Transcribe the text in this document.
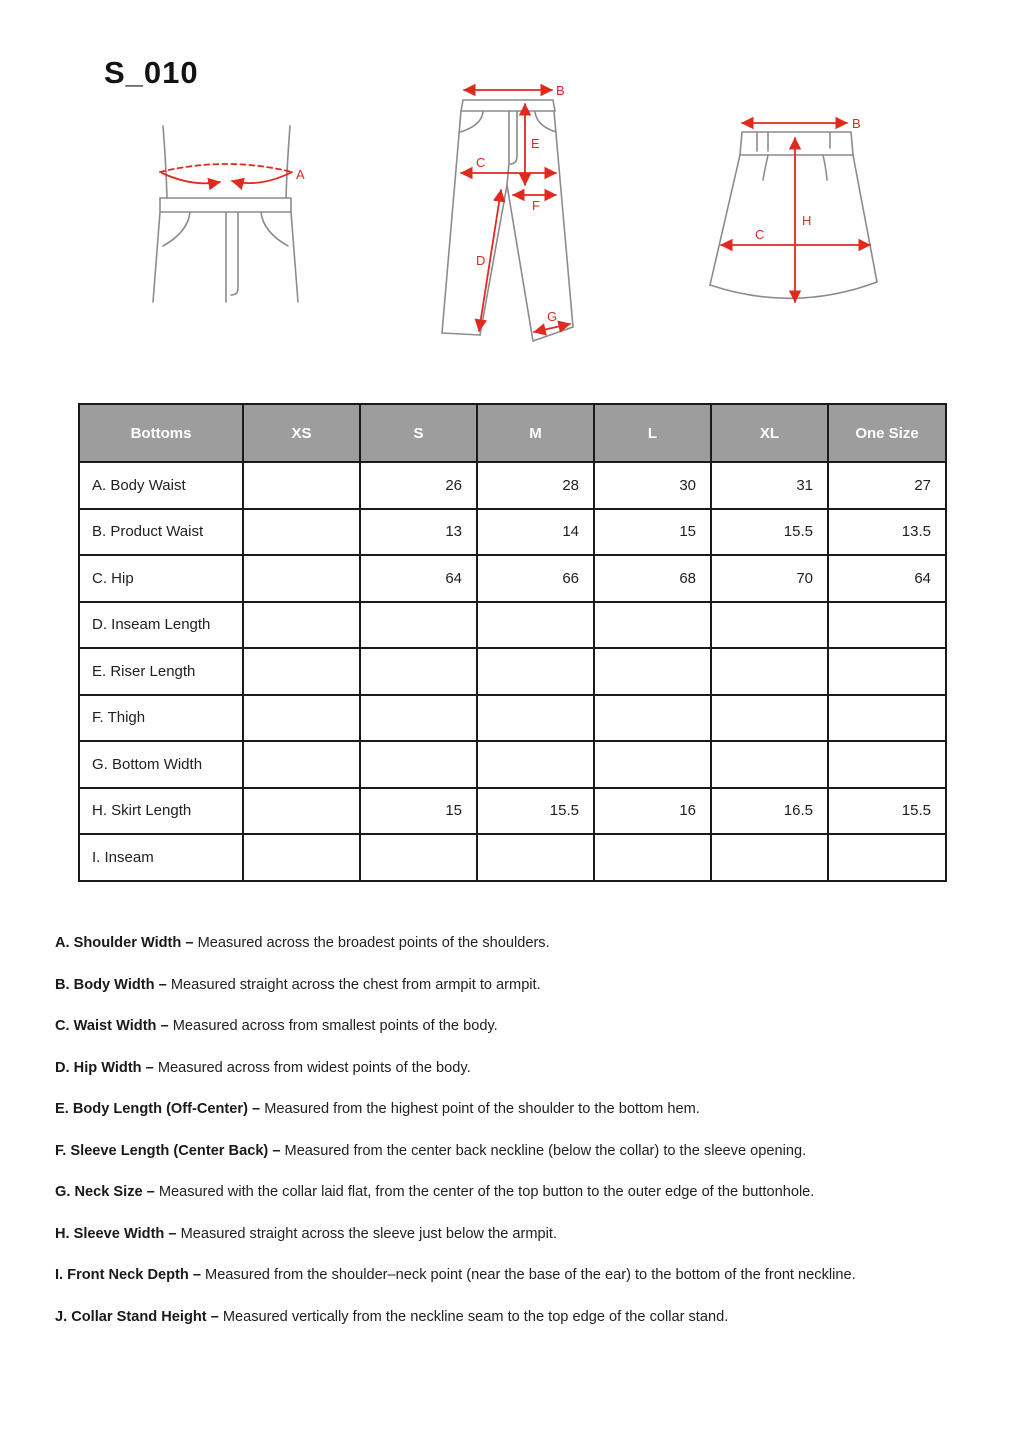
S_010
A
B
E
C
F
D
G
B
H
C
Bottoms	XS	S	M	L	XL	One Size
A. Body Waist		26	28	30	31	27
B. Product Waist		13	14	15	15.5	13.5
C. Hip		64	66	68	70	64
D. Inseam Length						
E. Riser Length						
F. Thigh						
G. Bottom Width						
H. Skirt Length		15	15.5	16	16.5	15.5
I. Inseam						

A. Shoulder Width – Measured across the broadest points of the shoulders.

B. Body Width – Measured straight across the chest from armpit to armpit.

C. Waist Width – Measured across from smallest points of the body.

D. Hip Width – Measured across from widest points of the body.

E. Body Length (Off-Center) – Measured from the highest point of the shoulder to the bottom hem.

F. Sleeve Length (Center Back) – Measured from the center back neckline (below the collar) to the sleeve opening.

G. Neck Size – Measured with the collar laid flat, from the center of the top button to the outer edge of the buttonhole.

H. Sleeve Width – Measured straight across the sleeve just below the armpit.

I. Front Neck Depth – Measured from the shoulder–neck point (near the base of the ear) to the bottom of the front neckline.

J. Collar Stand Height – Measured vertically from the neckline seam to the top edge of the collar stand.
